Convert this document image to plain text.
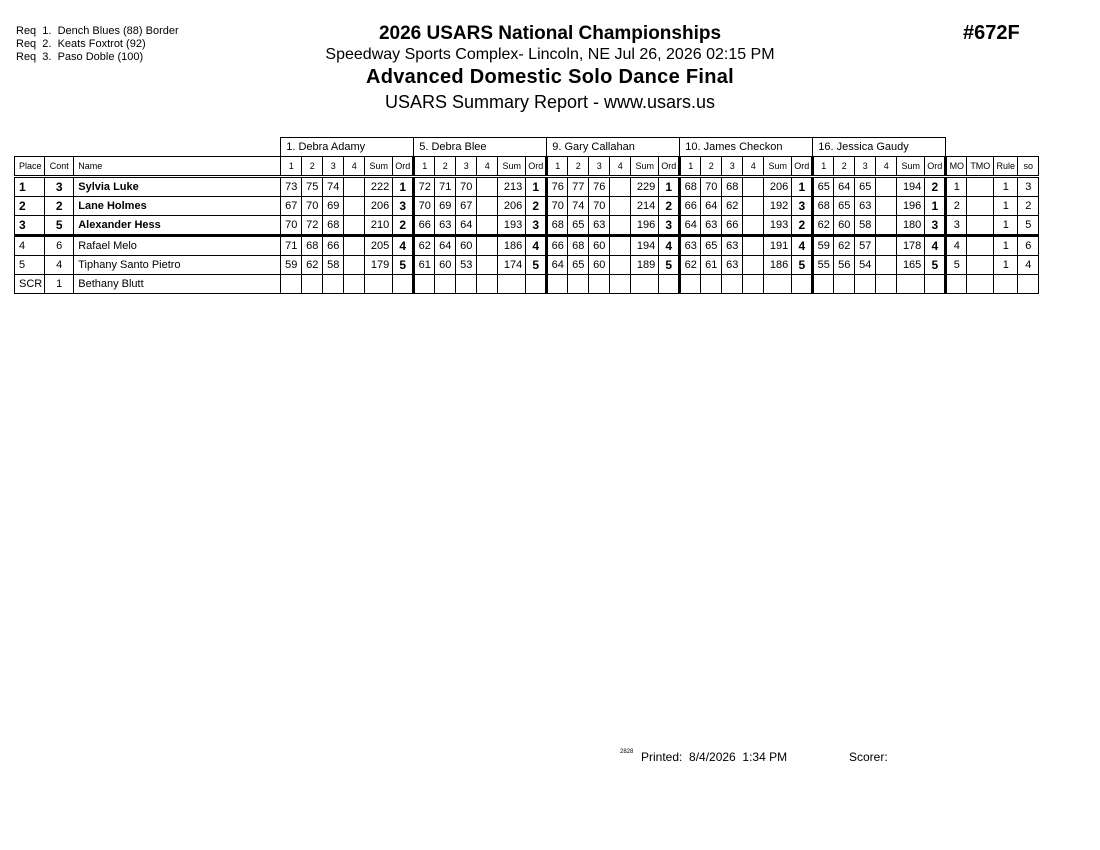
Req  1.  Dench Blues (88) Border
Req  2.  Keats Foxtrot (92)
Req  3.  Paso Doble (100)
2026 USARS National Championships
Speedway Sports Complex- Lincoln, NE Jul 26, 2026 02:15 PM
Advanced Domestic Solo Dance Final
USARS Summary Report - www.usars.us
#672F
			1. Debra Adamy						5. Debra Blee						9. Gary Callahan						10. James Checkon						16. Jessica Gaudy									
Place	Cont	Name	1	2	3	4	Sum	Ord	1	2	3	4	Sum	Ord	1	2	3	4	Sum	Ord	1	2	3	4	Sum	Ord	1	2	3	4	Sum	Ord	MO	TMO	Rule	so
1	3	Sylvia Luke	73	75	74		222	1	72	71	70		213	1	76	77	76		229	1	68	70	68		206	1	65	64	65		194	2	1		1	3
2	2	Lane Holmes	67	70	69		206	3	70	69	67		206	2	70	74	70		214	2	66	64	62		192	3	68	65	63		196	1	2		1	2
3	5	Alexander Hess	70	72	68		210	2	66	63	64		193	3	68	65	63		196	3	64	63	66		193	2	62	60	58		180	3	3		1	5
4	6	Rafael Melo	71	68	66		205	4	62	64	60		186	4	66	68	60		194	4	63	65	63		191	4	59	62	57		178	4	4		1	6
5	4	Tiphany Santo Pietro	59	62	58		179	5	61	60	53		174	5	64	65	60		189	5	62	61	63		186	5	55	56	54		165	5	5		1	4
SCR	1	Bethany Blutt																																		
2828 Printed:  8/4/2026  1:34 PM	Scorer:
